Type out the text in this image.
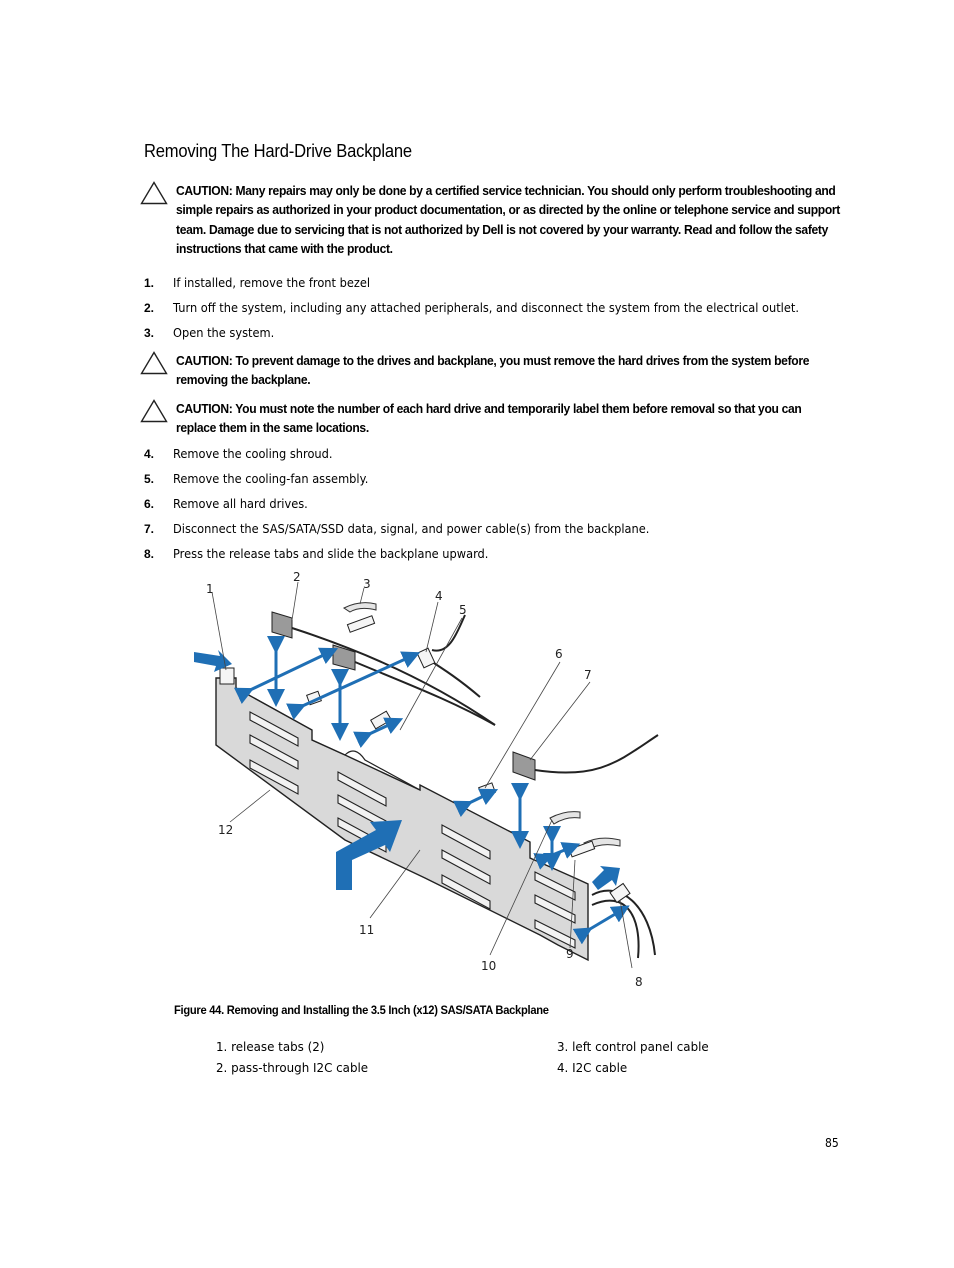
Removing The Hard-Drive Backplane
CAUTION: Many repairs may only be done by a certified service technician. You should only perform troubleshooting and simple repairs as authorized in your product documentation, or as directed by the online or telephone service and support team. Damage due to servicing that is not authorized by Dell is not covered by your warranty. Read and follow the safety instructions that came with the product.
1. If installed, remove the front bezel
2. Turn off the system, including any attached peripherals, and disconnect the system from the electrical outlet.
3. Open the system.
CAUTION: To prevent damage to the drives and backplane, you must remove the hard drives from the system before removing the backplane.
CAUTION: You must note the number of each hard drive and temporarily label them before removal so that you can replace them in the same locations.
4. Remove the cooling shroud.
5. Remove the cooling-fan assembly.
6. Remove all hard drives.
7. Disconnect the SAS/SATA/SSD data, signal, and power cable(s) from the backplane.
8. Press the release tabs and slide the backplane upward.
1
2	3
4
5
6
7
8
9
10
11
12
Figure 44. Removing and Installing the 3.5 Inch (x12) SAS/SATA Backplane
1. release tabs (2)	3. left control panel cable
2. pass-through I2C cable	4. I2C cable
85
